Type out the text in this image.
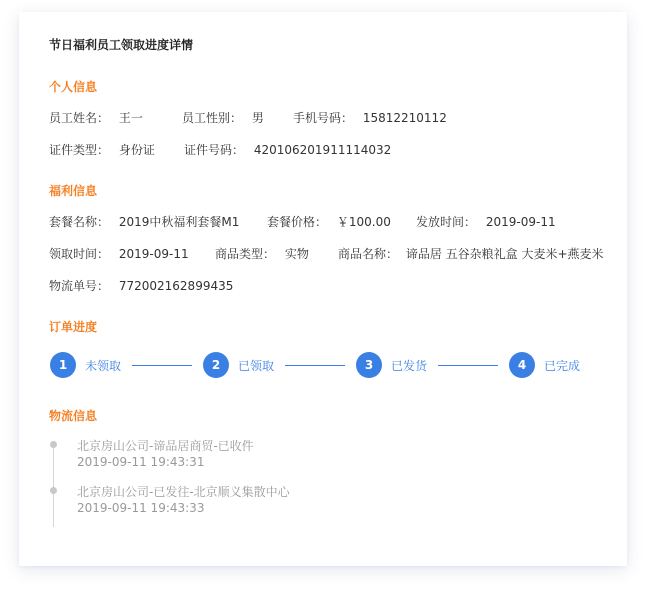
节日福利员工领取进度详情
个人信息
员工姓名： 王一	员工性别： 男 手机号码： 15812210112
证件类型： 身份证 证件号码： 420106201911114032
福利信息
套餐名称： 2019中秋福利套餐M1 套餐价格： ￥100.00 发放时间： 2019-09-11
领取时间： 2019-09-11 商品类型： 实物 商品名称： 谛品居 五谷杂粮礼盒 大麦米+燕麦米
物流单号： 772002162899435
订单进度
1	未领取	2	已领取	3	已发货	4	已完成
物流信息
北京房山公司-谛品居商贸-已收件
2019-09-11 19:43:31
北京房山公司-已发往-北京顺义集散中心
2019-09-11 19:43:33
